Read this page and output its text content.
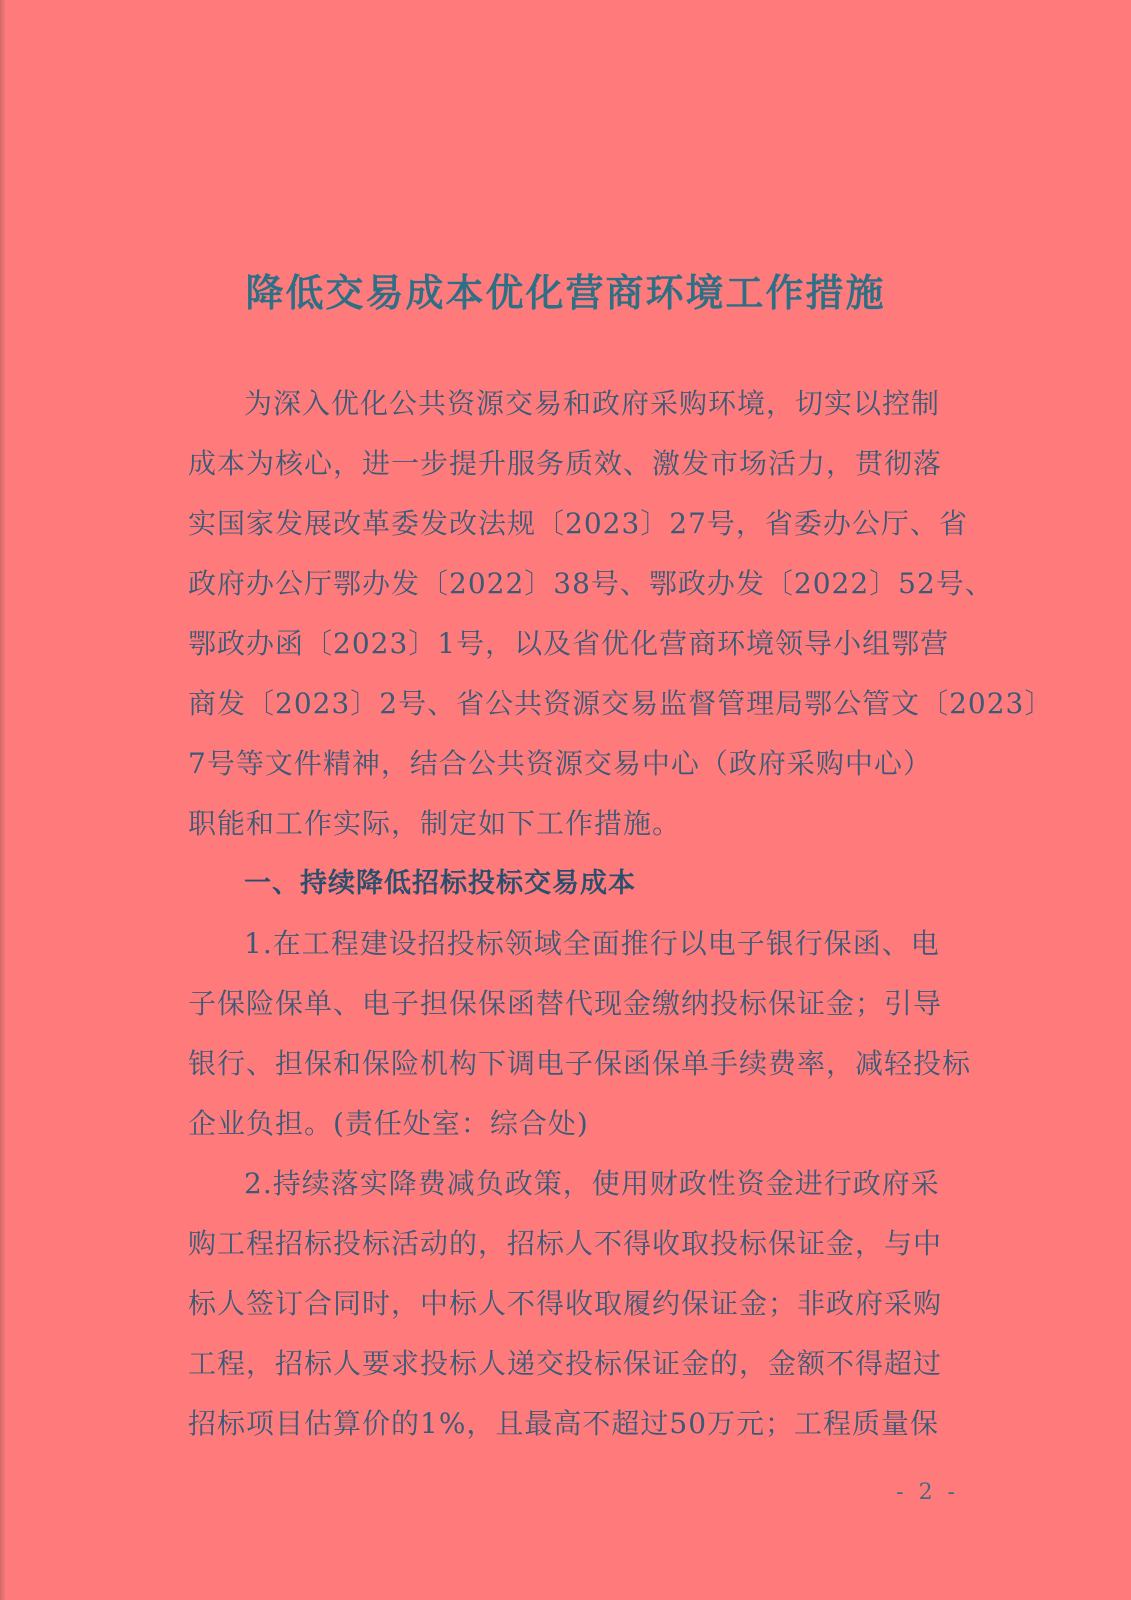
降低交易成本优化营商环境工作措施
为深入优化公共资源交易和政府采购环境，切实以控制
成本为核心，进一步提升服务质效、激发市场活力，贯彻落
实国家发展改革委发改法规〔2023〕27号，省委办公厅、省
政府办公厅鄂办发〔2022〕38号、鄂政办发〔2022〕52号、
鄂政办函〔2023〕1号，以及省优化营商环境领导小组鄂营
商发〔2023〕2号、省公共资源交易监督管理局鄂公管文〔2023〕
7号等文件精神，结合公共资源交易中心（政府采购中心）
职能和工作实际，制定如下工作措施。
一、持续降低招标投标交易成本
1.在工程建设招投标领域全面推行以电子银行保函、电
子保险保单、电子担保保函替代现金缴纳投标保证金；引导
银行、担保和保险机构下调电子保函保单手续费率，减轻投标
企业负担。(责任处室：综合处)
2.持续落实降费减负政策，使用财政性资金进行政府采
购工程招标投标活动的，招标人不得收取投标保证金，与中
标人签订合同时，中标人不得收取履约保证金；非政府采购
工程，招标人要求投标人递交投标保证金的，金额不得超过
招标项目估算价的1%，且最高不超过50万元；工程质量保
- 2 -
